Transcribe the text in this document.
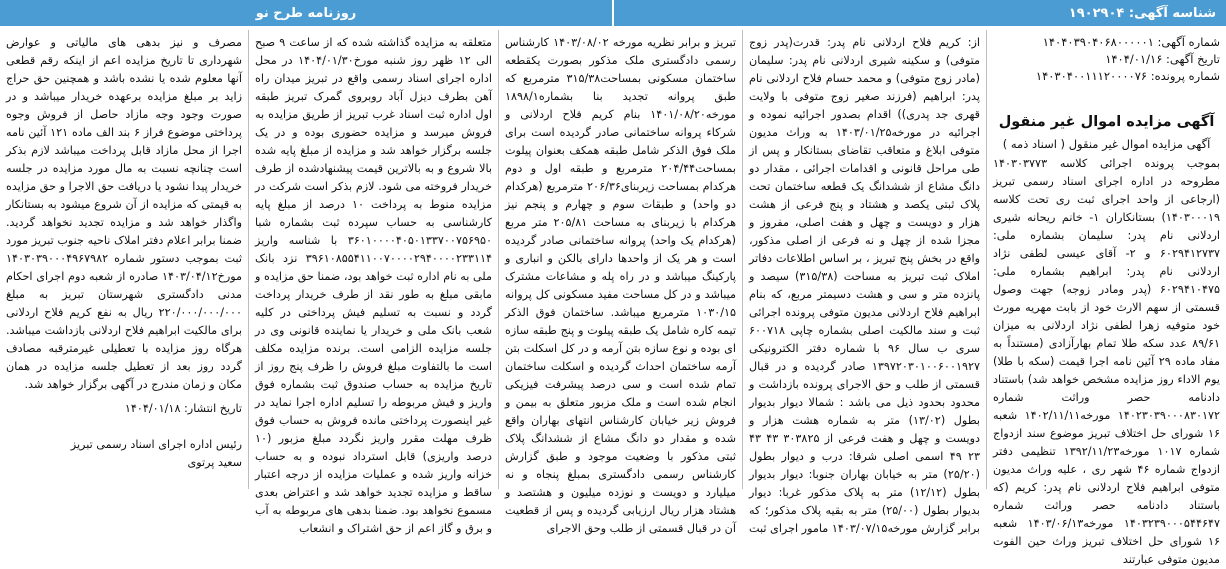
شناسه آگهی: ۱۹۰۲۹۰۴
روزنامه طرح نو
شماره آگهی: ۱۴۰۴۰۳۹۰۴۰۶۸۰۰۰۰۰۱
تاریخ آگهی: ۱۴۰۴/۰۱/۱۶
شماره پرونده: ۱۴۰۳۰۴۰۰۱۱۱۲۰۰۰۰۷۶
آگهی مزایده اموال غیر منقول
آگهی مزایده اموال غیر منقول ( اسناد ذمه )

بموجب پرونده اجرائی کلاسه ۱۴۰۳۰۳۷۷۳ مطروحه در اداره اجرای اسناد رسمی تبریز (ارجاعی از واحد اجرای ثبت ری تحت کلاسه ۱۴۰۳۰۰۰۱۹) بستانکاران ۱- خانم ریحانه شیری اردلانی نام پدر: سلیمان بشماره ملی: ۶۰۲۹۴۱۲۷۳۷ و ۲- آقای عیسی لطفی نژاد اردلانی نام پدر: ابراهیم بشماره ملی: ۶۰۲۹۴۱۰۴۷۵ (پدر ومادر زوجه) جهت وصول قسمتی از سهم الارث خود از بابت مهریه مورث خود متوفیه زهرا لطفی نژاد اردلانی به میزان ۸۹/۶۱ عدد سکه طلا تمام بهارآزادی (مستنداً به مفاد ماده ۲۹ آئین نامه اجرا قیمت (سکه با طلا) یوم الاداء روز مزایده مشخص خواهد شد) باستناد دادنامه حصر وراثت شماره ۱۴۰۲۳۰۳۹۰۰۰۸۳۰۱۷۲ مورخه۱۴۰۲/۱۱/۱۱ شعبه ۱۶ شورای حل اختلاف تبریز موضوع سند ازدواج شماره ۱۰۱۷ مورخه۱۳۹۲/۱۱/۲۳ تنظیمی دفتر ازدواج شماره ۴۶ شهر ری ، علیه وراث مدیون متوفی ابراهیم فلاح اردلانی نام پدر: کریم (که باستناد دادنامه حصر وراثت شماره ۱۴۰۳۲۳۹۰۰۰۵۴۴۶۴۷ مورخه۱۴۰۳/۰۶/۱۳ شعبه ۱۶ شورای حل اختلاف تبریز وراث حین الفوت مدیون متوفی عبارتند

از: کریم فلاح اردلانی نام پدر: قدرت(پدر زوج متوفی) و سکینه شیری اردلانی نام پدر: سلیمان (مادر زوج متوفی) و محمد حسام فلاح اردلانی نام پدر: ابراهیم (فرزند صغیر زوج متوفی با ولایت قهری جد پدری)) اقدام بصدور اجرائیه نموده و اجرائیه در مورخه۱۴۰۳/۰۱/۲۵ به وراث مدیون متوفی ابلاغ و متعاقب تقاضای بستانکار و پس از طی مراحل قانونی و اقدامات اجرائی ، مقدار دو دانگ مشاع از ششدانگ یک قطعه ساختمان تحت پلاک ثبتی یکصد و هشتاد و پنج فرعی از هشت هزار و دویست و چهل و هفت اصلی، مفروز و مجزا شده از چهل و نه فرعی از اصلی مذکور، واقع در بخش پنج تبریز ، بر اساس اطلاعات دفاتر املاک ثبت تبریز به مساحت (۳۱۵/۳۸) سیصد و پانزده متر و سی و هشت دسیمتر مربع، که بنام ابراهیم فلاح اردلانی مدیون متوفی پرونده اجرائی ثبت و سند مالکیت اصلی بشماره چاپی ۶۰۰۷۱۸ سری ب سال ۹۶ با شماره دفتر الکترونیکی ۱۳۹۷۲۰۳۰۱۰۰۶۰۰۱۹۲۷ صادر گردیده و در قبال قسمتی از طلب و حق الاجرای پرونده بازداشت و محدود بحدود ذیل می باشد : شمالا دیوار بدیوار بطول (۱۳/۰۲) متر به شماره هشت هزار و دویست و چهل و هفت فرعی از ۳۰۳۸۲۵ ۴۳ ۴۳ ۲۳ ۴۹ اسمی اصلی شرقا: درب و دیوار بطول (۲۵/۲۰) متر به خیابان بهاران جنوبا: دیوار بدیوار بطول (۱۲/۱۲) متر به پلاک مذکور غربا: دیوار بدیوار بطول (۲۵/۰۰) متر به بقیه پلاک مذکور؛ که برابر گزارش مورخه۱۴۰۳/۰۷/۱۵ مامور اجرای ثبت

تبریز و برابر نظریه مورخه ۱۴۰۳/۰۸/۰۲ کارشناس رسمی دادگستری ملک مذکور بصورت یکقطعه ساختمان مسکونی بمساحت۳۱۵/۳۸ مترمربع که طبق پروانه تجدید بنا بشماره۱۸۹۸/۱ مورخه۱۴۰۱/۰۸/۲۰ بنام کریم فلاح اردلانی و شرکاء پروانه ساختمانی صادر گردیده است برای ملک فوق الذکر شامل طبقه همکف بعنوان پیلوت بمساحت۲۰۴/۴۴ مترمربع و طبقه اول و دوم هرکدام بمساحت زیربنای۲۰۶/۳۶ مترمربع (هرکدام دو واحد) و طبقات سوم و چهارم و پنجم نیز هرکدام با زیربنای به مساحت ۲۰۵/۸۱ متر مربع (هرکدام یک واحد) پروانه ساختمانی صادر گردیده است و هر یک از واحدها دارای بالکن و انباری و پارکینگ میباشد و در راه پله و مشاعات مشترک میباشد و در کل مساحت مفید مسکونی کل پروانه ۱۰۳۰/۱۵ مترمربع میباشد. ساختمان فوق الذکر تیمه کاره شامل یک طبقه پیلوت و پنج طبقه سازه ای بوده و نوع سازه بتن آرمه و در کل اسکلت بتن آرمه ساختمان احداث گردیده و اسکلت ساختمان تمام شده است و سی درصد پیشرفت فیزیکی انجام شده است و ملک مزبور متعلق به بیمن و فروش زیر خیابان کارشناس انتهای بهاران واقع شده و مقدار دو دانگ مشاع از ششدانگ پلاک ثبتی مذکور با وضعیت موجود و طبق گزارش کارشناس رسمی دادگستری بمبلغ پنجاه و نه میلیارد و دویست و نوزده میلیون و هشتصد و هشتاد هزار ریال ارزیابی گردیده و پس از قطعیت آن در قبال قسمتی از طلب وحق الاجرای

متعلقه به مزایده گذاشته شده که از ساعت ۹ صبح الی ۱۲ ظهر روز شنبه مورخ۱۴۰۴/۰۱/۳۰ در محل اداره اجرای اسناد رسمی واقع در تبریز میدان راه آهن بطرف دیزل آباد روبروی گمرک تبریز طبقه اول اداره ثبت اسناد غرب تبریز از طریق مزایده به فروش میرسد و مزایده حضوری بوده و در یک جلسه برگزار خواهد شد و مزایده از مبلغ پایه شده بالا شروع و به بالاترین قیمت پیشنهادشده از طرف خریدار فروخته می شود. لازم بذکر است شرکت در مزایده منوط به پرداخت ۱۰ درصد از مبلغ پایه کارشناسی به حساب سپرده ثبت بشماره شبا ۳۶۰۱۰۰۰۰۴۰۵۰۱۳۳۷۰۰۷۵۶۹۵۰ با شناسه واریز ۳۹۶۱۰۸۵۵۴۱۱۰۰۷۰۰۰۰۲۹۴۰۰۰۰۲۳۳۱۱۴ نزد بانک ملی به نام اداره ثبت خواهد بود، ضمنا حق مزایده و مابقی مبلغ به طور نقد از طرف خریدار پرداخت گردد و نسبت به تسلیم فیش پرداختی در کلیه شعب بانک ملی و خریدار یا نماینده قانونی وی در جلسه مزایده الزامی است. برنده مزایده مکلف است ما بالتفاوت مبلغ فروش را ظرف پنج روز از تاریخ مزایده به حساب صندوق ثبت بشماره فوق واریز و فیش مربوطه را تسلیم اداره اجرا نماید در غیر اینصورت پرداختی مانده فروش به حساب فوق ظرف مهلت مقرر واریز نگردد مبلغ مزبور (۱۰ درصد واریزی) قابل استرداد نبوده و به حساب خزانه واریز شده و عملیات مزایده از درجه اعتبار ساقط و مزایده تجدید خواهد شد و اعتراض بعدی مسموع نخواهد بود. ضمنا بدهی های مربوطه به آب و برق و گاز اعم از حق اشتراک و انشعاب

مصرف و نیز بدهی های مالیاتی و عوارض شهرداری تا تاریخ مزایده اعم از اینکه رقم قطعی آنها معلوم شده یا نشده باشد و همچنین حق حراج زاید بر مبلغ مزایده برعهده خریدار میباشد و در صورت وجود وجه مازاد حاصل از فروش وجوه پرداختی موضوع فراز ۶ بند الف ماده ۱۲۱ آئین نامه اجرا از محل مازاد قابل پرداخت میباشد لازم بذکر است چنانچه نسبت به مال مورد مزایده در جلسه خریدار پیدا نشود یا دریافت حق الاجرا و حق مزایده به قیمتی که مزایده از آن شروع میشود به بستانکار واگذار خواهد شد و مزایده تجدید نخواهد گردید. ضمنا برابر اعلام دفتر املاک ناحیه جنوب تبریز مورد ثبت بموجب دستور شماره ۱۴۰۳۰۳۹۰۰۰۴۹۶۷۹۸۲ مورخ۱۴۰۳/۰۴/۱۲ صادره از شعبه دوم اجرای احکام مدنی دادگستری شهرستان تبریز به مبلغ ۲۲۰/۰۰۰/۰۰۰/۰۰۰ ریال به نفع کریم فلاح اردلانی برای مالکیت ابراهیم فلاح اردلانی بازداشت میباشد. هرگاه روز مزایده با تعطیلی غیرمترقبه مصادف گردد روز بعد از تعطیل جلسه مزایده در همان مکان و زمان مندرج در آگهی برگزار خواهد شد.

تاریخ انتشار: ۱۴۰۴/۰۱/۱۸
رئیس اداره اجرای اسناد رسمی تبریز
سعید پرتوی
